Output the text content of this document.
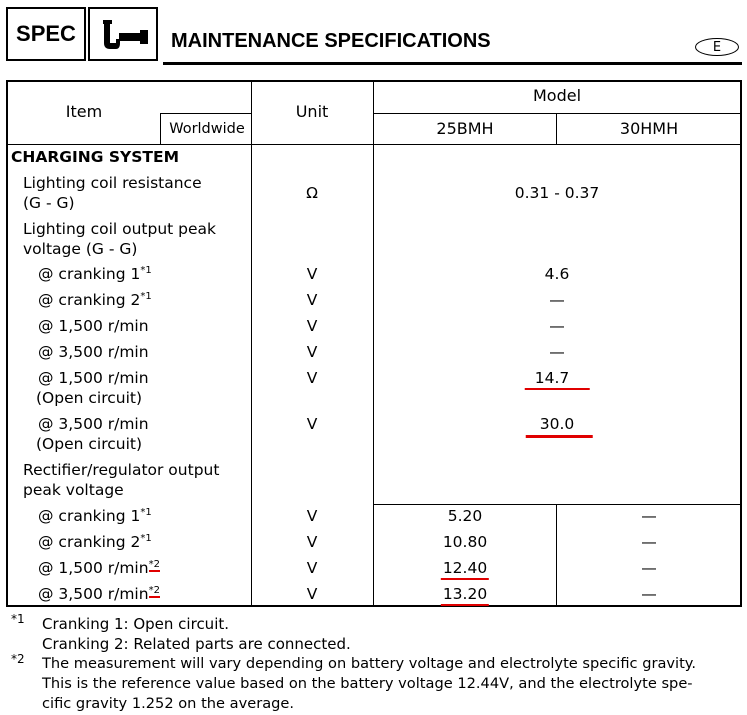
SPEC	MAINTENANCE SPECIFICATIONS	E
Item
Worldwide
Unit
Model
25BMH	30HMH
CHARGING SYSTEM
Lighting coil resistance
(G - G)
Ω	0.31 - 0.37
Lighting coil output peak
voltage (G - G)
@ cranking 1$^{*1}$	V	4.6
@ cranking 2$^{*1}$	V	—
@ 1,500 r/min	V	—
@ 3,500 r/min	V	—
@ 1,500 r/min
(Open circuit)
V	14.7
@ 3,500 r/min
(Open circuit)
V	30.0
Rectifier/regulator output
peak voltage
@ cranking 1$^{*1}$	V	5.20	—
@ cranking 2$^{*1}$	V	10.80	—
@ 1,500 $r/\min^{*2}$	V	12.40	—
@ 3,500 $r/\min^{*2}$	V	13.20	—
*1 Cranking 1: Open circuit.
Cranking 2: Related parts are connected.
*2 The measurement will vary depending on battery voltage and electrolyte specific gravity.
This is the reference value based on the battery voltage 12.44V, and the electrolyte spe-
cific gravity 1.252 on the average.
